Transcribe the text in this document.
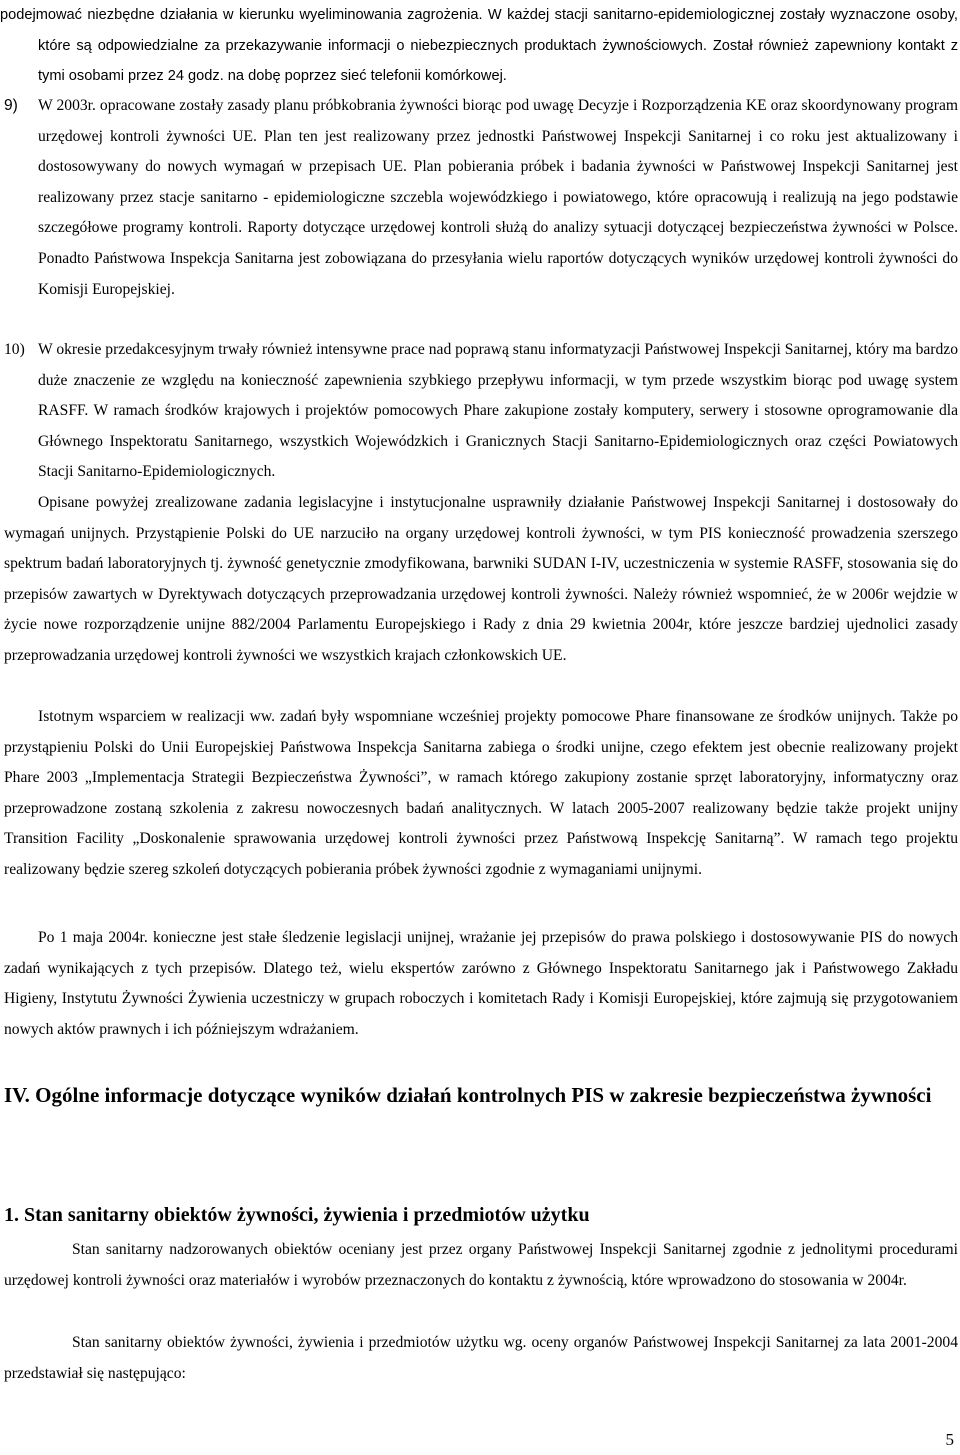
podejmować niezbędne działania w kierunku wyeliminowania zagrożenia. W każdej stacji sanitarno-epidemiologicznej zostały wyznaczone osoby, które są odpowiedzialne za przekazywanie informacji o niebezpiecznych produktach żywnościowych. Został również zapewniony kontakt z tymi osobami przez 24 godz. na dobę poprzez sieć telefonii komórkowej.

9) W 2003r. opracowane zostały zasady planu próbkobrania żywności biorąc pod uwagę Decyzje i Rozporządzenia KE oraz skoordynowany program urzędowej kontroli żywności UE. Plan ten jest realizowany przez jednostki Państwowej Inspekcji Sanitarnej i co roku jest aktualizowany i dostosowywany do nowych wymagań w przepisach UE. Plan pobierania próbek i badania żywności w Państwowej Inspekcji Sanitarnej jest realizowany przez stacje sanitarno - epidemiologiczne szczebla wojewódzkiego i powiatowego, które opracowują i realizują na jego podstawie szczegółowe programy kontroli. Raporty dotyczące urzędowej kontroli służą do analizy sytuacji dotyczącej bezpieczeństwa żywności w Polsce. Ponadto Państwowa Inspekcja Sanitarna jest zobowiązana do przesyłania wielu raportów dotyczących wyników urzędowej kontroli żywności do Komisji Europejskiej.

10) W okresie przedakcesyjnym trwały również intensywne prace nad poprawą stanu informatyzacji Państwowej Inspekcji Sanitarnej, który ma bardzo duże znaczenie ze względu na konieczność zapewnienia szybkiego przepływu informacji, w tym przede wszystkim biorąc pod uwagę system RASFF. W ramach środków krajowych i projektów pomocowych Phare zakupione zostały komputery, serwery i stosowne oprogramowanie dla Głównego Inspektoratu Sanitarnego, wszystkich Wojewódzkich i Granicznych Stacji Sanitarno-Epidemiologicznych oraz części Powiatowych Stacji Sanitarno-Epidemiologicznych.

Opisane powyżej zrealizowane zadania legislacyjne i instytucjonalne usprawniły działanie Państwowej Inspekcji Sanitarnej i dostosowały do wymagań unijnych. Przystąpienie Polski do UE narzuciło na organy urzędowej kontroli żywności, w tym PIS konieczność prowadzenia szerszego spektrum badań laboratoryjnych tj. żywność genetycznie zmodyfikowana, barwniki SUDAN I-IV, uczestniczenia w systemie RASFF, stosowania się do przepisów zawartych w Dyrektywach dotyczących przeprowadzania urzędowej kontroli żywności. Należy również wspomnieć, że w 2006r wejdzie w życie nowe rozporządzenie unijne 882/2004 Parlamentu Europejskiego i Rady z dnia 29 kwietnia 2004r, które jeszcze bardziej ujednolici zasady przeprowadzania urzędowej kontroli żywności we wszystkich krajach członkowskich UE.

Istotnym wsparciem w realizacji ww. zadań były wspomniane wcześniej projekty pomocowe Phare finansowane ze środków unijnych. Także po przystąpieniu Polski do Unii Europejskiej Państwowa Inspekcja Sanitarna zabiega o środki unijne, czego efektem jest obecnie realizowany projekt Phare 2003 „Implementacja Strategii Bezpieczeństwa Żywności”, w ramach którego zakupiony zostanie sprzęt laboratoryjny, informatyczny oraz przeprowadzone zostaną szkolenia z zakresu nowoczesnych badań analitycznych. W latach 2005-2007 realizowany będzie także projekt unijny Transition Facility „Doskonalenie sprawowania urzędowej kontroli żywności przez Państwową Inspekcję Sanitarną”. W ramach tego projektu realizowany będzie szereg szkoleń dotyczących pobierania próbek żywności zgodnie z wymaganiami unijnymi.

Po 1 maja 2004r. konieczne jest stałe śledzenie legislacji unijnej, wrażanie jej przepisów do prawa polskiego i dostosowywanie PIS do nowych zadań wynikających z tych przepisów. Dlatego też, wielu ekspertów zarówno z Głównego Inspektoratu Sanitarnego jak i Państwowego Zakładu Higieny, Instytutu Żywności Żywienia uczestniczy w grupach roboczych i komitetach Rady i Komisji Europejskiej, które zajmują się przygotowaniem nowych aktów prawnych i ich późniejszym wdrażaniem.

IV. Ogólne informacje dotyczące wyników działań kontrolnych PIS w zakresie bezpieczeństwa żywności
1. Stan sanitarny obiektów żywności, żywienia i przedmiotów użytku

Stan sanitarny nadzorowanych obiektów oceniany jest przez organy Państwowej Inspekcji Sanitarnej zgodnie z jednolitymi procedurami urzędowej kontroli żywności oraz materiałów i wyrobów przeznaczonych do kontaktu z żywnością, które wprowadzono do stosowania w 2004r.

Stan sanitarny obiektów żywności, żywienia i przedmiotów użytku wg. oceny organów Państwowej Inspekcji Sanitarnej za lata 2001-2004 przedstawiał się następująco:

5
